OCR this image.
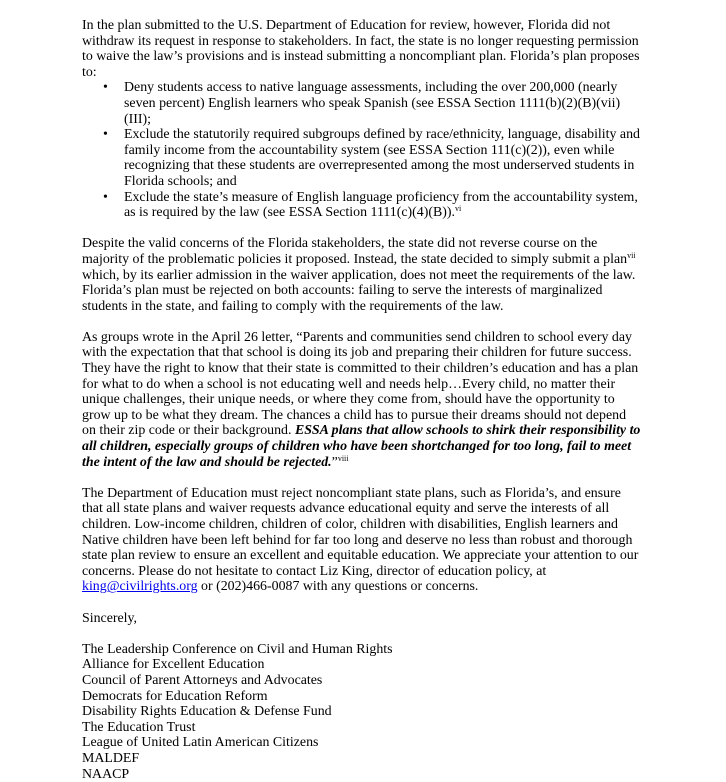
In the plan submitted to the U.S. Department of Education for review, however, Florida did not withdraw its request in response to stakeholders. In fact, the state is no longer requesting permission to waive the law’s provisions and is instead submitting a noncompliant plan. Florida’s plan proposes to:

• Deny students access to native language assessments, including the over 200,000 (nearly seven percent) English learners who speak Spanish (see ESSA Section 1111(b)(2)(B)(vii)(III);
• Exclude the statutorily required subgroups defined by race/ethnicity, language, disability and family income from the accountability system (see ESSA Section 111(c)(2)), even while recognizing that these students are overrepresented among the most underserved students in Florida schools; and
• Exclude the state’s measure of English language proficiency from the accountability system, as is required by the law (see ESSA Section 1111(c)(4)(B)).$^{vi}$

Despite the valid concerns of the Florida stakeholders, the state did not reverse course on the majority of the problematic policies it proposed. Instead, the state decided to simply submit a plan$^{vii}$ which, by its earlier admission in the waiver application, does not meet the requirements of the law. Florida’s plan must be rejected on both accounts: failing to serve the interests of marginalized students in the state, and failing to comply with the requirements of the law.

As groups wrote in the April 26 letter, “Parents and communities send children to school every day with the expectation that that school is doing its job and preparing their children for future success. They have the right to know that their state is committed to their children’s education and has a plan for what to do when a school is not educating well and needs help…Every child, no matter their unique challenges, their unique needs, or where they come from, should have the opportunity to grow up to be what they dream. The chances a child has to pursue their dreams should not depend on their zip code or their background. ESSA plans that allow schools to shirk their responsibility to all children, especially groups of children who have been shortchanged for too long, fail to meet the intent of the law and should be rejected.”$^{viii}$

The Department of Education must reject noncompliant state plans, such as Florida’s, and ensure that all state plans and waiver requests advance educational equity and serve the interests of all children. Low-income children, children of color, children with disabilities, English learners and Native children have been left behind for far too long and deserve no less than robust and thorough state plan review to ensure an excellent and equitable education. We appreciate your attention to our concerns. Please do not hesitate to contact Liz King, director of education policy, at king@civilrights.org or (202)466-0087 with any questions or concerns.

Sincerely,

The Leadership Conference on Civil and Human Rights

Alliance for Excellent Education

Council of Parent Attorneys and Advocates

Democrats for Education Reform

Disability Rights Education & Defense Fund

The Education Trust

League of United Latin American Citizens

MALDEF

NAACP
